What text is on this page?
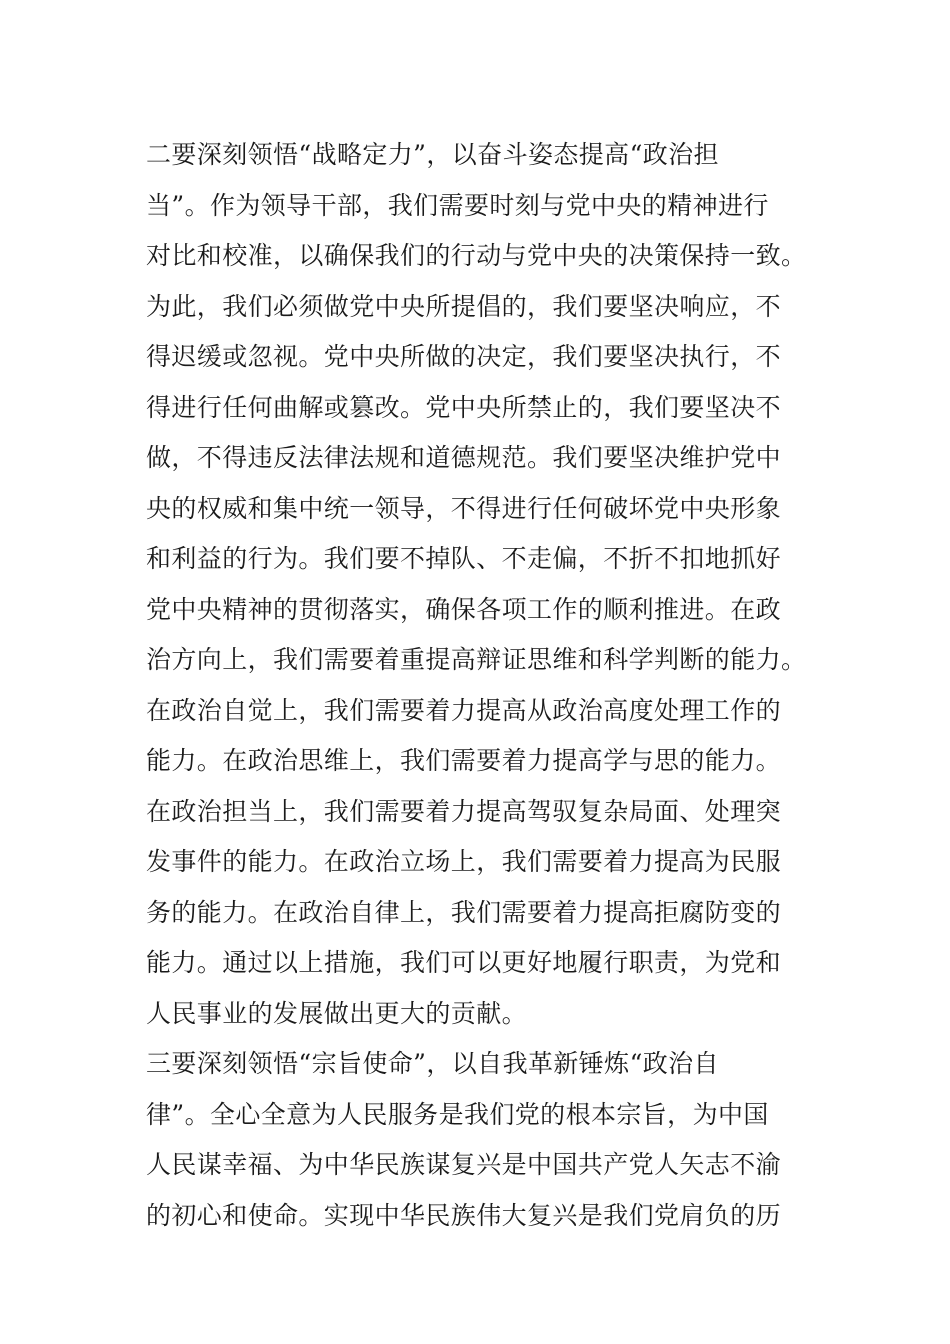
二要深刻领悟“战略定力”，以奋斗姿态提高“政治担
当”。作为领导干部，我们需要时刻与党中央的精神进行
对比和校准，以确保我们的行动与党中央的决策保持一致。
为此，我们必须做党中央所提倡的，我们要坚决响应，不
得迟缓或忽视。党中央所做的决定，我们要坚决执行，不
得进行任何曲解或篡改。党中央所禁止的，我们要坚决不
做，不得违反法律法规和道德规范。我们要坚决维护党中
央的权威和集中统一领导，不得进行任何破坏党中央形象
和利益的行为。我们要不掉队、不走偏，不折不扣地抓好
党中央精神的贯彻落实，确保各项工作的顺利推进。在政
治方向上，我们需要着重提高辩证思维和科学判断的能力。
在政治自觉上，我们需要着力提高从政治高度处理工作的
能力。在政治思维上，我们需要着力提高学与思的能力。
在政治担当上，我们需要着力提高驾驭复杂局面、处理突
发事件的能力。在政治立场上，我们需要着力提高为民服
务的能力。在政治自律上，我们需要着力提高拒腐防变的
能力。通过以上措施，我们可以更好地履行职责，为党和
人民事业的发展做出更大的贡献。

三要深刻领悟“宗旨使命”，以自我革新锤炼“政治自
律”。全心全意为人民服务是我们党的根本宗旨，为中国
人民谋幸福、为中华民族谋复兴是中国共产党人矢志不渝
的初心和使命。实现中华民族伟大复兴是我们党肩负的历
